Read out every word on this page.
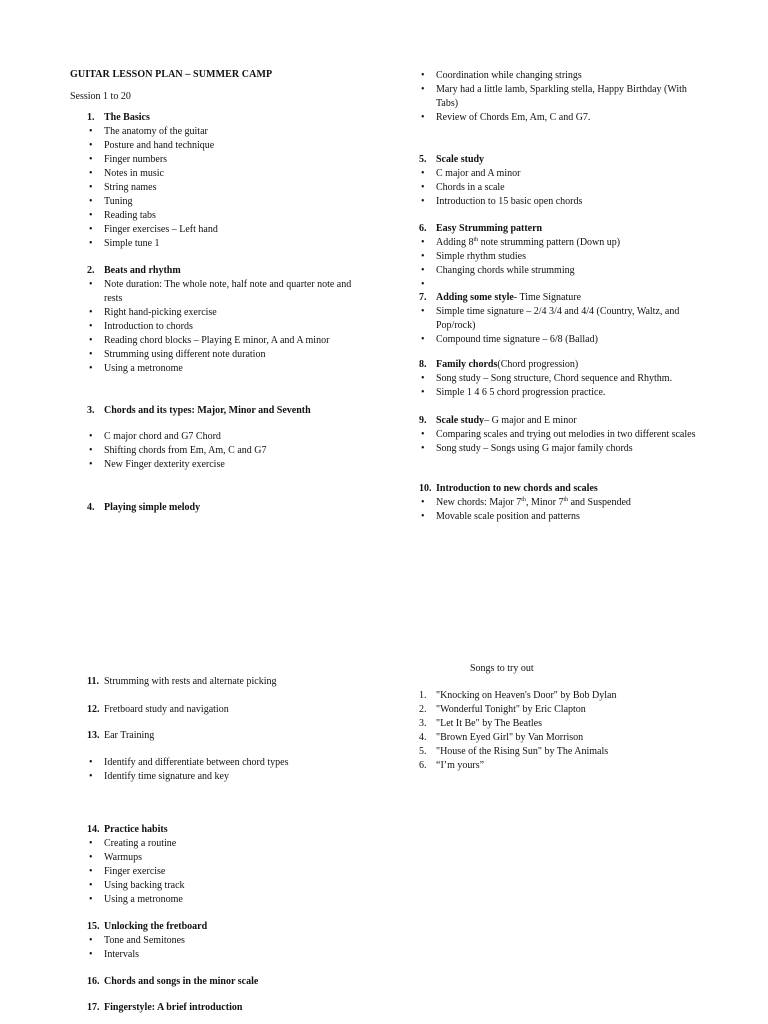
GUITAR LESSON PLAN – SUMMER CAMP
Session 1 to 20
1. The Basics
• The anatomy of the guitar
• Posture and hand technique
• Finger numbers
• Notes in music
• String names
• Tuning
• Reading tabs
• Finger exercises – Left hand
• Simple tune 1
2. Beats and rhythm
• Note duration: The whole note, half note and quarter note and rests
• Right hand-picking exercise
• Introduction to chords
• Reading chord blocks – Playing E minor, A and A minor
• Strumming using different note duration
• Using a metronome
3. Chords and its types: Major, Minor and Seventh
• C major chord and G7 Chord
• Shifting chords from Em, Am, C and G7
• New Finger dexterity exercise
4. Playing simple melody
• Coordination while changing strings
• Mary had a little lamb, Sparkling stella, Happy Birthday (With Tabs)
• Review of Chords Em, Am, C and G7.
5. Scale study
• C major and A minor
• Chords in a scale
• Introduction to 15 basic open chords
6. Easy Strumming pattern
• Adding 8th note strumming pattern (Down up)
• Simple rhythm studies
• Changing chords while strumming
•
7. Adding some style - Time Signature
• Simple time signature – 2/4 3/4 and 4/4 (Country, Waltz, and Pop/rock)
• Compound time signature – 6/8 (Ballad)
8. Family chords (Chord progression)
• Song study – Song structure, Chord sequence and Rhythm.
• Simple 1 4 6 5 chord progression practice.
9. Scale study – G major and E minor
• Comparing scales and trying out melodies in two different scales
• Song study – Songs using G major family chords
10. Introduction to new chords and scales
• New chords: Major 7th, Minor 7th and Suspended
• Movable scale position and patterns
11. Strumming with rests and alternate picking
12. Fretboard study and navigation
13. Ear Training
• Identify and differentiate between chord types
• Identify time signature and key
14. Practice habits
• Creating a routine
• Warmups
• Finger exercise
• Using backing track
• Using a metronome
15. Unlocking the fretboard
• Tone and Semitones
• Intervals
16. Chords and songs in the minor scale
17. Fingerstyle: A brief introduction
Songs to try out
1. "Knocking on Heaven's Door" by Bob Dylan
2. "Wonderful Tonight" by Eric Clapton
3. "Let It Be" by The Beatles
4. "Brown Eyed Girl" by Van Morrison
5. "House of the Rising Sun" by The Animals
6. “I’m yours”
